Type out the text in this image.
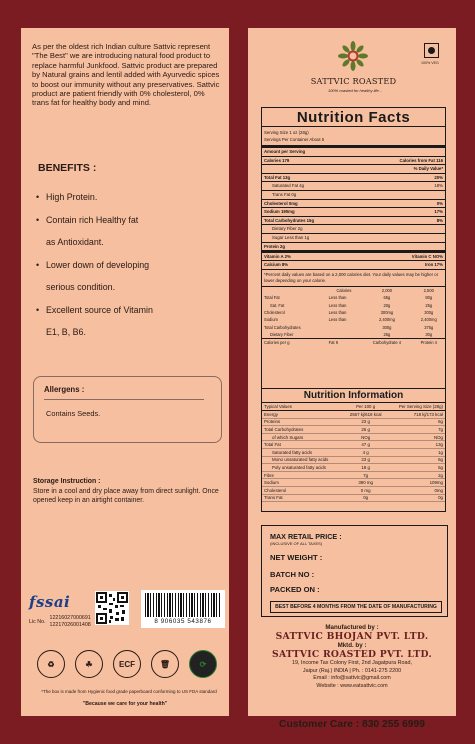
As per the oldest rich Indian culture Sattvic represent "The Best" we are introducing natural food product to replace harmful Junkfood. Sattvic product are prepared by Natural grains and lentil added with Ayurvedic spices to boost our immunity without any preservatives. Sattvic product are patient friendly with 0% cholesterol, 0% trans fat for healthy body and mind.

BENEFITS :
• High Protein.
• Contain rich Healthy fat
as Antioxidant.
• Lower down of developing
serious condition.
• Excellent source of Vitamin
E1, B, B6.
Allergens :
Contains Seeds.
Storage Instruction :
Store in a cool and dry place away from direct sunlight. Once opened keep in an airtight container.
fssai
Lic No.
12216027000691
12217026001408	8 906035 543876
♻	☘	ECF	🗑	⟳
*The box is made from Hygienic food grade paperboard conforming to US FDA standard
"Because we care for your health"
SATTVIC ROASTED
100% roasted for healthy life...
100% VEG
Nutrition Facts
Serving Size 1 oz (28g)
Servings Per Container About 5
Amount per Serving
Calories 179	Calories from Fat 116
% Daily Value*
Total Fat 13g	20%
Saturated Fat 4g	18%
Trans Fat 0g
Cholesterol 0mg	0%
Sodium 190mg	17%
Total Carbohydrates 15g	8%
Dietary Fiber 2g
Sugar Less than 1g
Protein 2g
Vitamin A 2%	Vitamin C NO%
Calcium 8%	Iron 17%
*Percent daily values are based on a 2,000 calories diet. Your daily values may be higher or lower depending on your calorie.
	Calories	2,000	2,500
Total Fat	Less than	65g	80g
Sat. Fat	Less than	20g	25g
Cholesterol	Less than	300mg	300g
Sodium	Less than	2,400mg	2,400mg
Total Carbohydrates		300g	375g
Dietary Fiber		25g	30g
Calories per g	Fat 9	Carbohydrate 4	Protein 4
Nutrition Information
Typical Values	Per 100 g	Per Serving Size (28g)
Energy	2567 kj/619 kcal	718 kj/173 kcal
Proteins	23 g	6g
Total Carbohydrates	26 g	7g
of which Sugars	NOg	NOg
Total Fat	47 g	13g
Saturated fatty acids	4 g	1g
Mono unsaturated fatty acids	23 g	6g
Poly unsaturated fatty acids	18 g	5g
Fibre	7g	2g
Sodium	390 mg	109mg
Cholesterol	0 mg	0mg
Trans Fat	0g	0g
MAX RETAIL PRICE :
(INCLUSIVE OF ALL TAXES)
NET WEIGHT :
BATCH NO :
PACKED ON :
BEST BEFORE 4 MONTHS FROM THE DATE OF MANUFACTURING
Manufactured by :
SATTVIC BHOJAN PVT. LTD.
Mktd. by :
SATTVIC ROASTED PVT. LTD.
19, Income Tax Colony First, 2nd Jagatpura Road,
Jaipur (Raj.) INDIA | Ph. : 0141-275 2200
Email : info@sattvic@gmail.com
Website : www.eatsattvic.com
Customer Care : 830 255 6999
